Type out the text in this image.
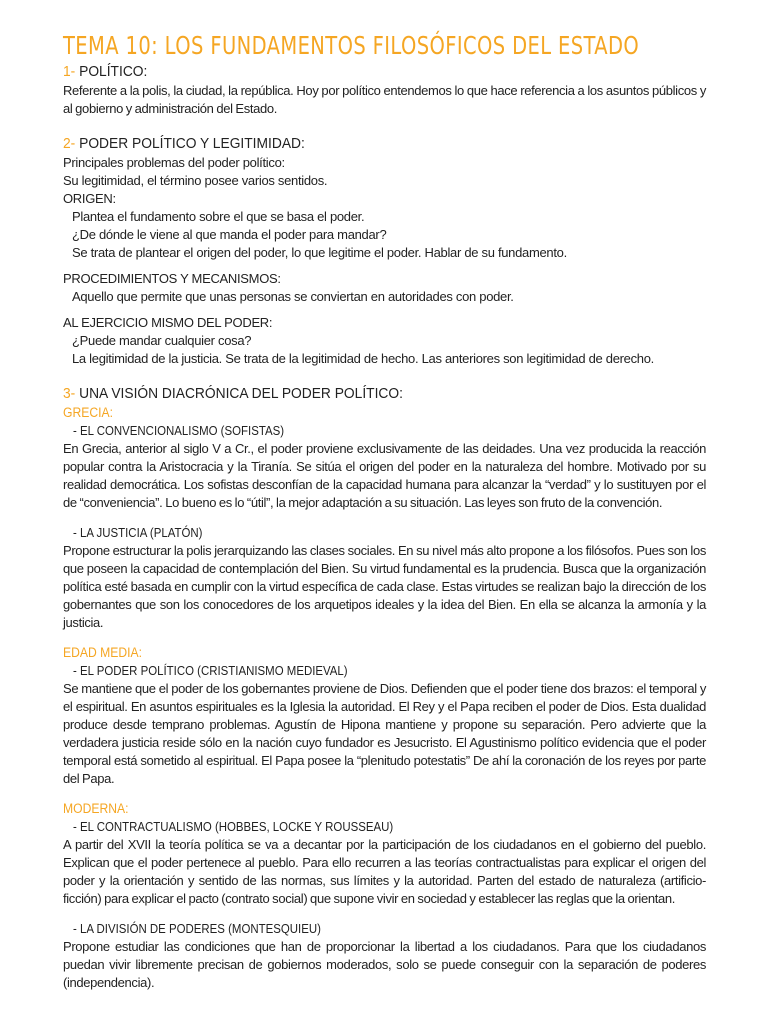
TEMA 10: LOS FUNDAMENTOS FILOSÓFICOS DEL ESTADO
1- POLÍTICO:

Referente a la polis, la ciudad, la república. Hoy por político entendemos lo que hace referencia a los asuntos públicos y al gobierno y administración del Estado.

2- PODER POLÍTICO Y LEGITIMIDAD:

Principales problemas del poder político:

Su legitimidad, el término posee varios sentidos.

ORIGEN:

Plantea el fundamento sobre el que se basa el poder.

¿De dónde le viene al que manda el poder para mandar?

Se trata de plantear el origen del poder, lo que legitime el poder. Hablar de su fundamento.

PROCEDIMIENTOS Y MECANISMOS:

Aquello que permite que unas personas se conviertan en autoridades con poder.

AL EJERCICIO MISMO DEL PODER:

¿Puede mandar cualquier cosa?

La legitimidad de la justicia. Se trata de la legitimidad de hecho. Las anteriores son legitimidad de derecho.

3- UNA VISIÓN DIACRÓNICA DEL PODER POLÍTICO:

GRECIA:

- EL CONVENCIONALISMO (SOFISTAS)

En Grecia, anterior al siglo V a Cr., el poder proviene exclusivamente de las deidades. Una vez producida la reacción popular contra la Aristocracia y la Tiranía. Se sitúa el origen del poder en la naturaleza del hombre. Motivado por su realidad democrática. Los sofistas desconfían de la capacidad humana para alcanzar la “verdad” y lo sustituyen por el de “conveniencia”. Lo bueno es lo “útil”, la mejor adaptación a su situación. Las leyes son fruto de la convención.

- LA JUSTICIA (PLATÓN)

Propone estructurar la polis jerarquizando las clases sociales. En su nivel más alto propone a los filósofos. Pues son los que poseen la capacidad de contemplación del Bien. Su virtud fundamental es la prudencia. Busca que la organización política esté basada en cumplir con la virtud específica de cada clase. Estas virtudes se realizan bajo la dirección de los gobernantes que son los conocedores de los arquetipos ideales y la idea del Bien. En ella se alcanza la armonía y la justicia.

EDAD MEDIA:

- EL PODER POLÍTICO (CRISTIANISMO MEDIEVAL)

Se mantiene que el poder de los gobernantes proviene de Dios. Defienden que el poder tiene dos brazos: el temporal y el espiritual. En asuntos espirituales es la Iglesia la autoridad. El Rey y el Papa reciben el poder de Dios. Esta dualidad produce desde temprano problemas. Agustín de Hipona mantiene y propone su separación. Pero advierte que la verdadera justicia reside sólo en la nación cuyo fundador es Jesucristo. El Agustinismo político evidencia que el poder temporal está sometido al espiritual. El Papa posee la “plenitudo potestatis” De ahí la coronación de los reyes por parte del Papa.

MODERNA:

- EL CONTRACTUALISMO (HOBBES, LOCKE Y ROUSSEAU)

A partir del XVII la teoría política se va a decantar por la participación de los ciudadanos en el gobierno del pueblo. Explican que el poder pertenece al pueblo. Para ello recurren a las teorías contractualistas para explicar el origen del poder y la orientación y sentido de las normas, sus límites y la autoridad. Parten del estado de naturaleza (artificio-ficción) para explicar el pacto (contrato social) que supone vivir en sociedad y establecer las reglas que la orientan.

- LA DIVISIÓN DE PODERES (MONTESQUIEU)

Propone estudiar las condiciones que han de proporcionar la libertad a los ciudadanos. Para que los ciudadanos puedan vivir libremente precisan de gobiernos moderados, solo se puede conseguir con la separación de poderes (independencia).
